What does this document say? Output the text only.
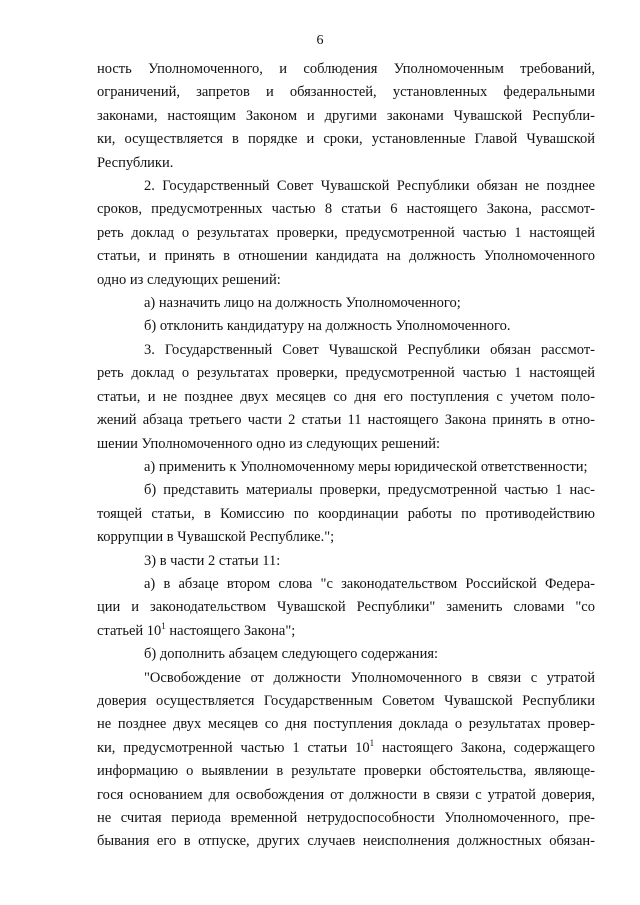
6

ность Уполномоченного, и соблюдения Уполномоченным требований,

ограничений, запретов и обязанностей, установленных федеральными

законами, настоящим Законом и другими законами Чувашской Республи-

ки, осуществляется в порядке и сроки, установленные Главой Чувашской

Республики.

2. Государственный Совет Чувашской Республики обязан не позднее

сроков, предусмотренных частью 8 статьи 6 настоящего Закона, рассмот-

реть доклад о результатах проверки, предусмотренной частью 1 настоящей

статьи, и принять в отношении кандидата на должность Уполномоченного

одно из следующих решений:

а) назначить лицо на должность Уполномоченного;

б) отклонить кандидатуру на должность Уполномоченного.

3. Государственный Совет Чувашской Республики обязан рассмот-

реть доклад о результатах проверки, предусмотренной частью 1 настоящей

статьи, и не позднее двух месяцев со дня его поступления с учетом поло-

жений абзаца третьего части 2 статьи 11 настоящего Закона принять в отно-

шении Уполномоченного одно из следующих решений:

а) применить к Уполномоченному меры юридической ответственности;

б) представить материалы проверки, предусмотренной частью 1 нас-

тоящей статьи, в Комиссию по координации работы по противодействию

коррупции в Чувашской Республике.";

3) в части 2 статьи 11:

а) в абзаце втором слова "с законодательством Российской Федера-

ции и законодательством Чувашской Республики" заменить словами "со

статьей $10^1$ настоящего Закона";

б) дополнить абзацем следующего содержания:

"Освобождение от должности Уполномоченного в связи с утратой

доверия осуществляется Государственным Советом Чувашской Республики

не позднее двух месяцев со дня поступления доклада о результатах провер-

ки, предусмотренной частью 1 статьи $10^1$ настоящего Закона, содержащего

информацию о выявлении в результате проверки обстоятельства, являюще-

гося основанием для освобождения от должности в связи с утратой доверия,

не считая периода временной нетрудоспособности Уполномоченного, пре-

бывания его в отпуске, других случаев неисполнения должностных обязан-
